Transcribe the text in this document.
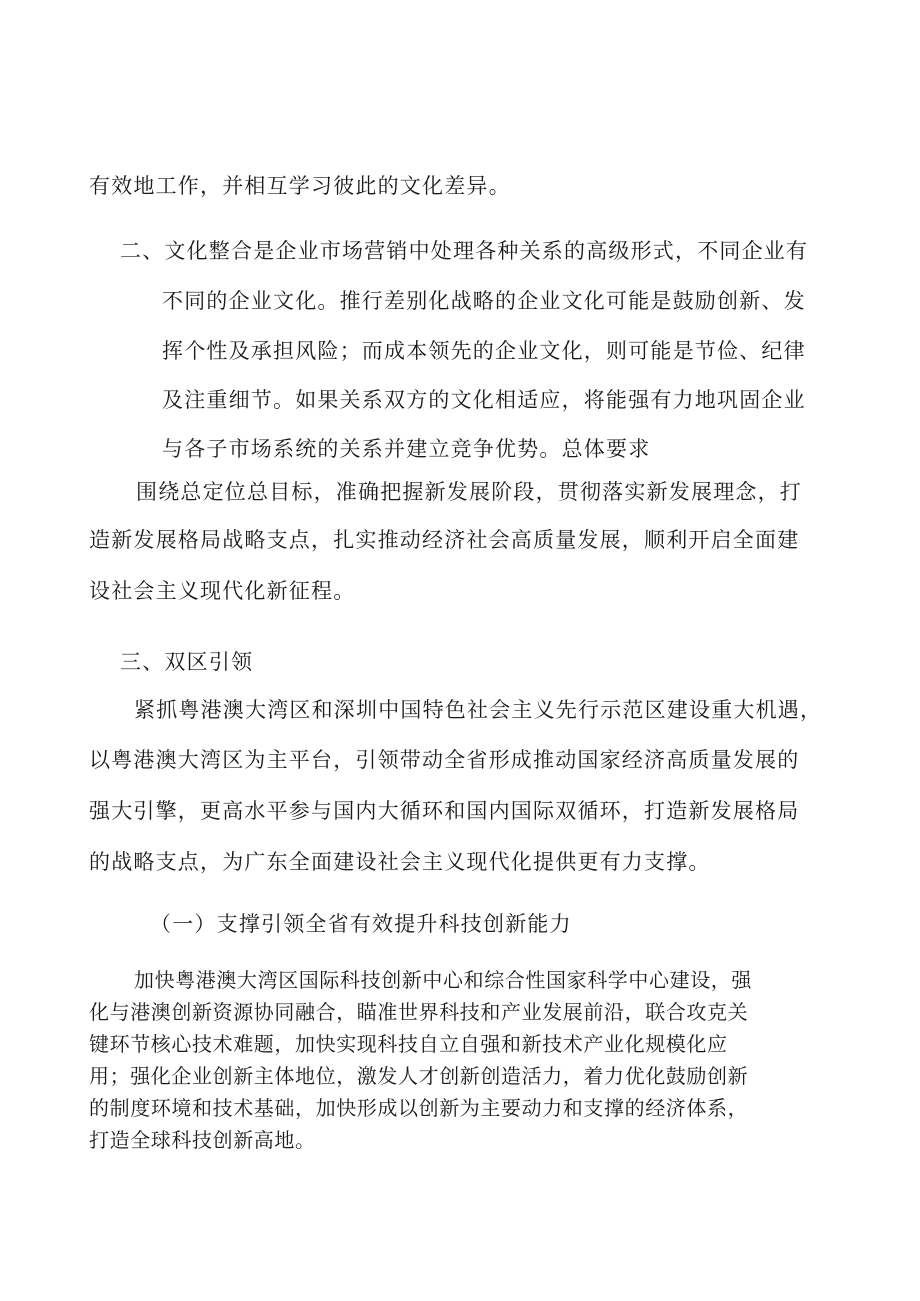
有效地工作，并相互学习彼此的文化差异。
二、文化整合是企业市场营销中处理各种关系的高级形式，不同企业有
不同的企业文化。推行差别化战略的企业文化可能是鼓励创新、发
挥个性及承担风险；而成本领先的企业文化，则可能是节俭、纪律
及注重细节。如果关系双方的文化相适应，将能强有力地巩固企业
与各子市场系统的关系并建立竞争优势。总体要求
围绕总定位总目标，准确把握新发展阶段，贯彻落实新发展理念，打
造新发展格局战略支点，扎实推动经济社会高质量发展，顺利开启全面建
设社会主义现代化新征程。
三、双区引领
紧抓粤港澳大湾区和深圳中国特色社会主义先行示范区建设重大机遇，
以粤港澳大湾区为主平台，引领带动全省形成推动国家经济高质量发展的
强大引擎，更高水平参与国内大循环和国内国际双循环，打造新发展格局
的战略支点，为广东全面建设社会主义现代化提供更有力支撑。
（一）支撑引领全省有效提升科技创新能力
加快粤港澳大湾区国际科技创新中心和综合性国家科学中心建设，强
化与港澳创新资源协同融合，瞄准世界科技和产业发展前沿，联合攻克关
键环节核心技术难题，加快实现科技自立自强和新技术产业化规模化应
用；强化企业创新主体地位，激发人才创新创造活力，着力优化鼓励创新
的制度环境和技术基础，加快形成以创新为主要动力和支撑的经济体系，
打造全球科技创新高地。
